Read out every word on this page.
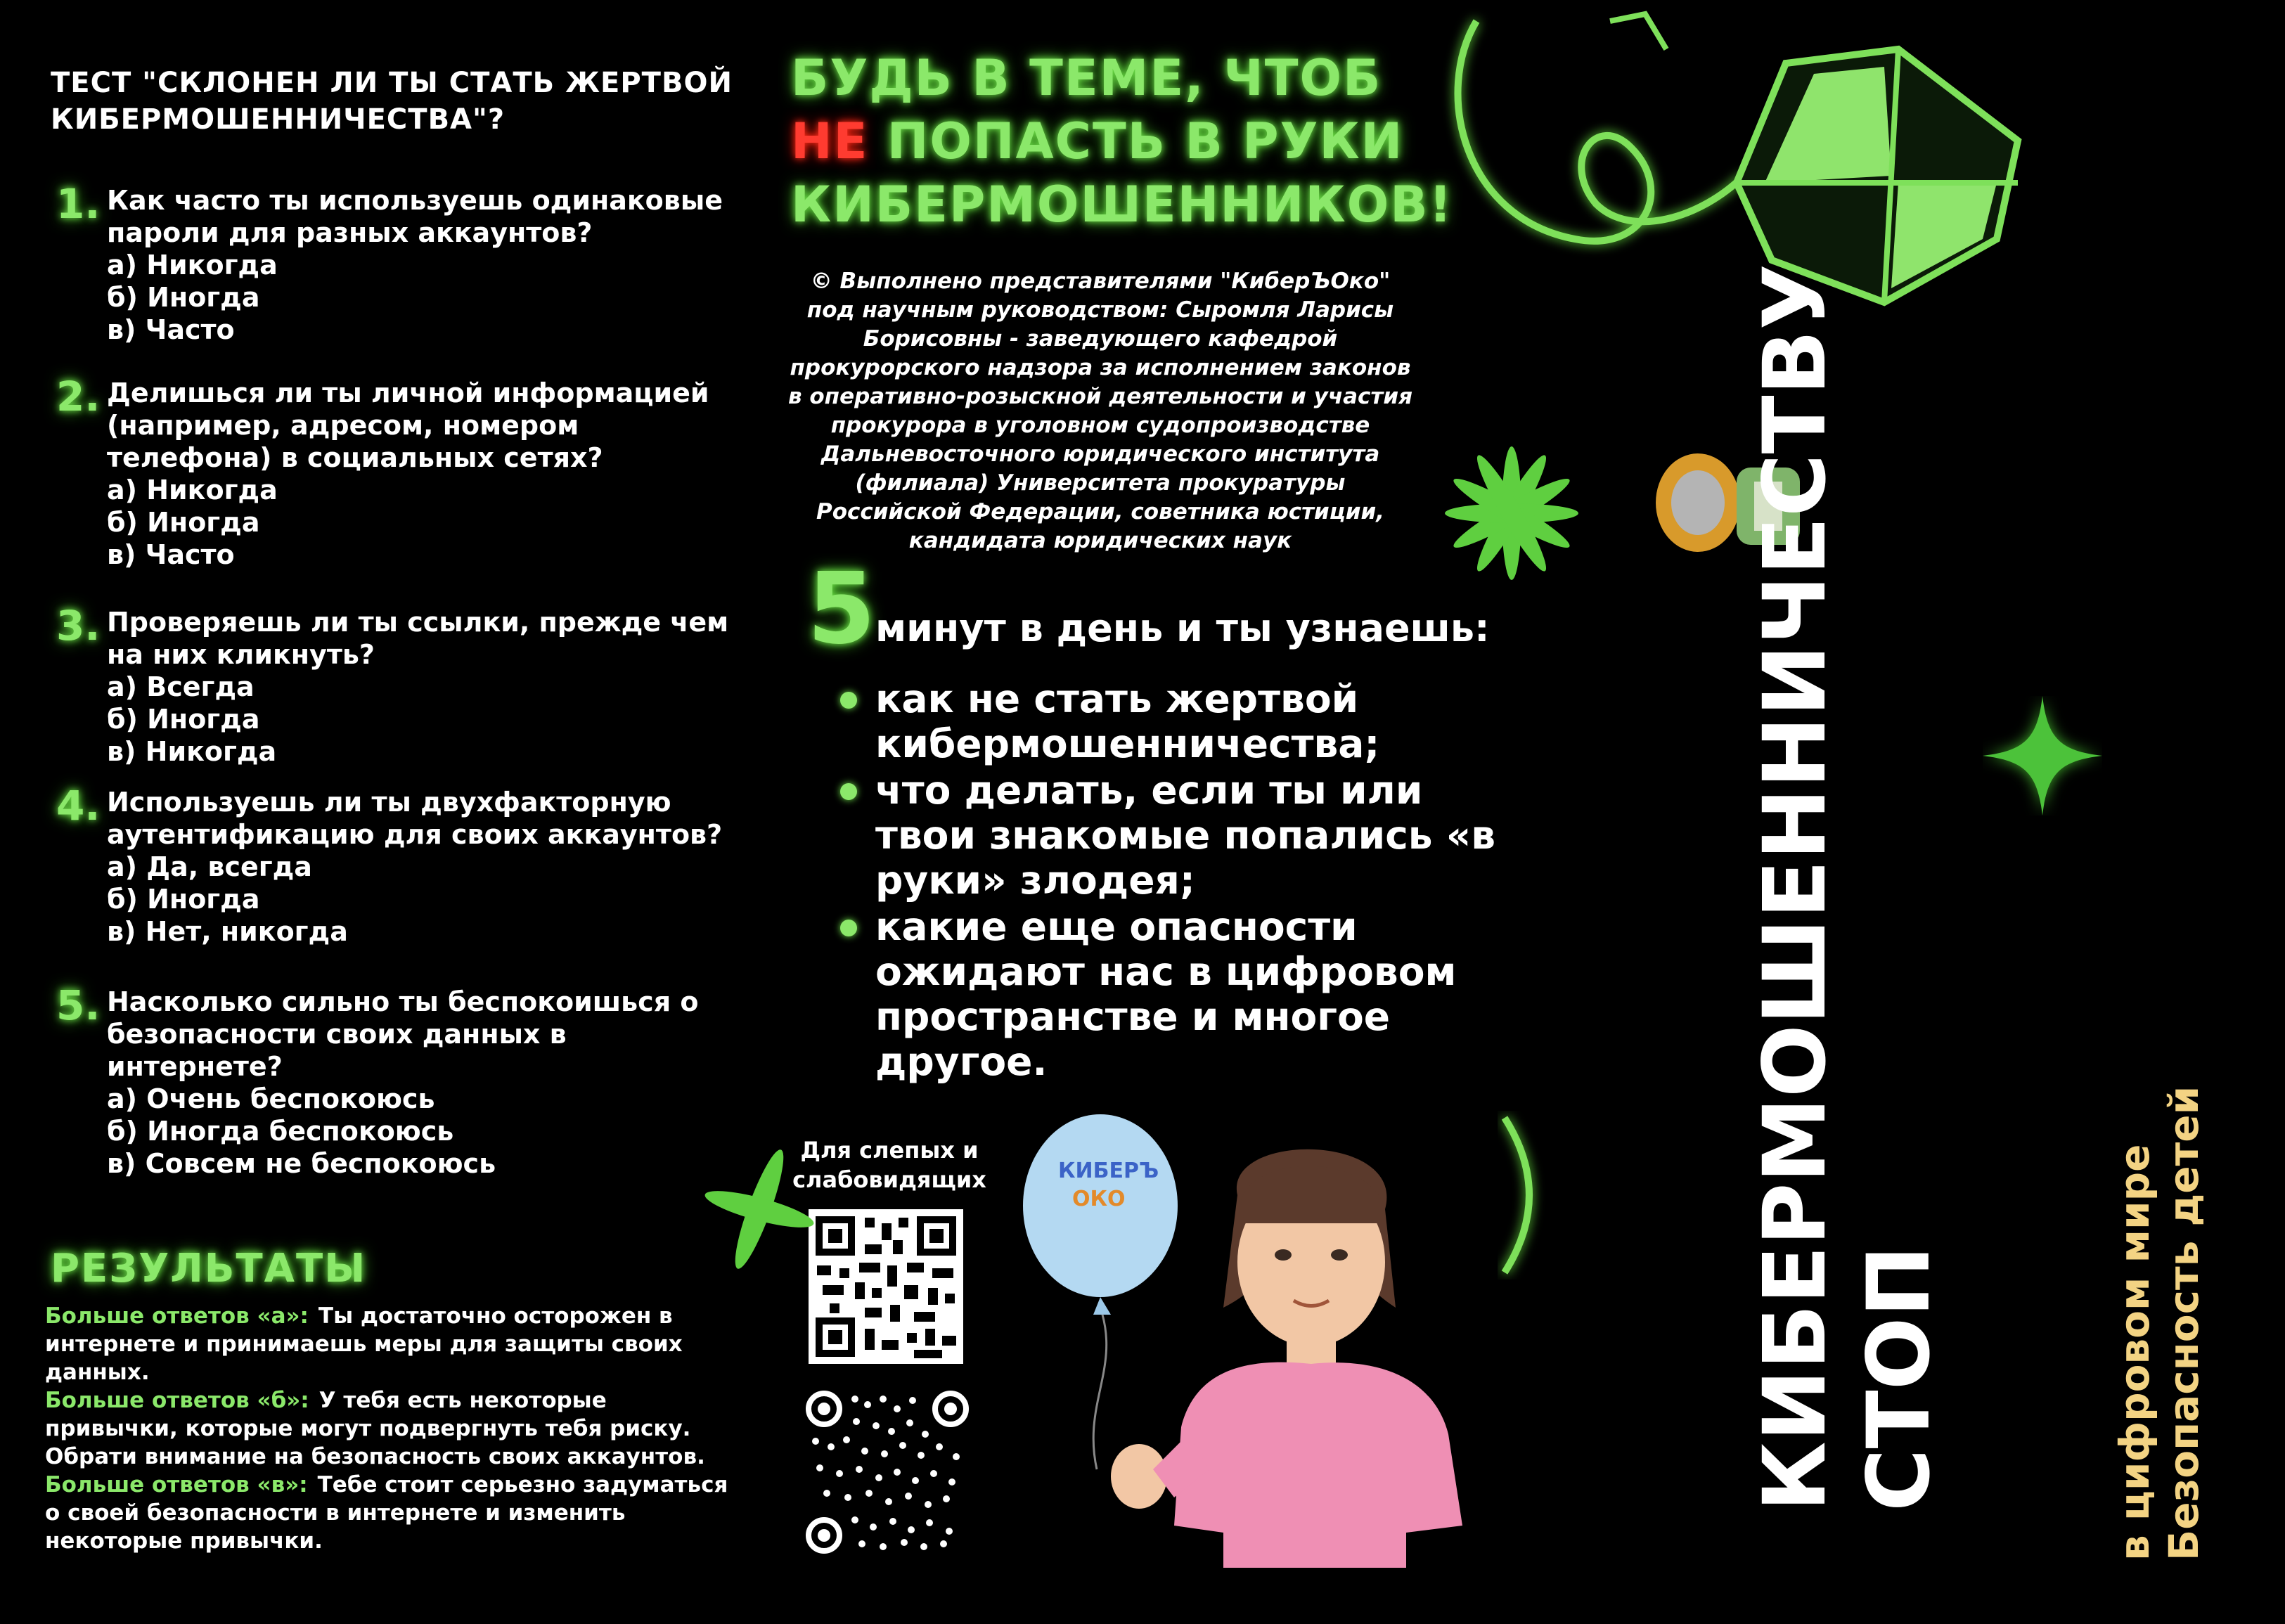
ТЕСТ "СКЛОНЕН ЛИ ТЫ СТАТЬ ЖЕРТВОЙ
КИБЕРМОШЕННИЧЕСТВА"?
1. Как часто ты используешь одинаковые
пароли для разных аккаунтов?
а) Никогда
б) Иногда
в) Часто
2. Делишься ли ты личной информацией
(например, адресом, номером
телефона) в социальных сетях?
а) Никогда
б) Иногда
в) Часто
3. Проверяешь ли ты ссылки, прежде чем
на них кликнуть?
а) Всегда
б) Иногда
в) Никогда
4. Используешь ли ты двухфакторную
аутентификацию для своих аккаунтов?
а) Да, всегда
б) Иногда
в) Нет, никогда
5. Насколько сильно ты беспокоишься о
безопасности своих данных в
интернете?
а) Очень беспокоюсь
б) Иногда беспокоюсь
в) Совсем не беспокоюсь
РЕЗУЛЬТАТЫ
Больше ответов «а»: Ты достаточно осторожен в интернете и принимаешь меры для защиты своих данных.
Больше ответов «б»: У тебя есть некоторые привычки, которые могут подвергнуть тебя риску. Обрати внимание на безопасность своих аккаунтов.
Больше ответов «в»: Тебе стоит серьезно задуматься о своей безопасности в интернете и изменить некоторые привычки.
БУДЬ В ТЕМЕ, ЧТОБ
НЕ ПОПАСТЬ В РУКИ
КИБЕРМОШЕННИКОВ!
© Выполнено представителями "КиберЪОко" под научным руководством: Сыромля Ларисы Борисовны - заведующего кафедрой прокурорского надзора за исполнением законов в оперативно-розыскной деятельности и участия прокурора в уголовном судопроизводстве Дальневосточного юридического института (филиала) Университета прокуратуры Российской Федерации, советника юстиции, кандидата юридических наук
5 минут в день и ты узнаешь:
как не стать жертвой кибермошенничества;
что делать, если ты или твои знакомые попались «в руки» злодея;
какие еще опасности ожидают нас в цифровом пространстве и многое другое.
Для слепых и слабовидящих	КИБЕРЪ
ОКО
СТОП
КИБЕРМОШЕННИЧЕСТВУ	Безопасность детей
в цифровом мире
